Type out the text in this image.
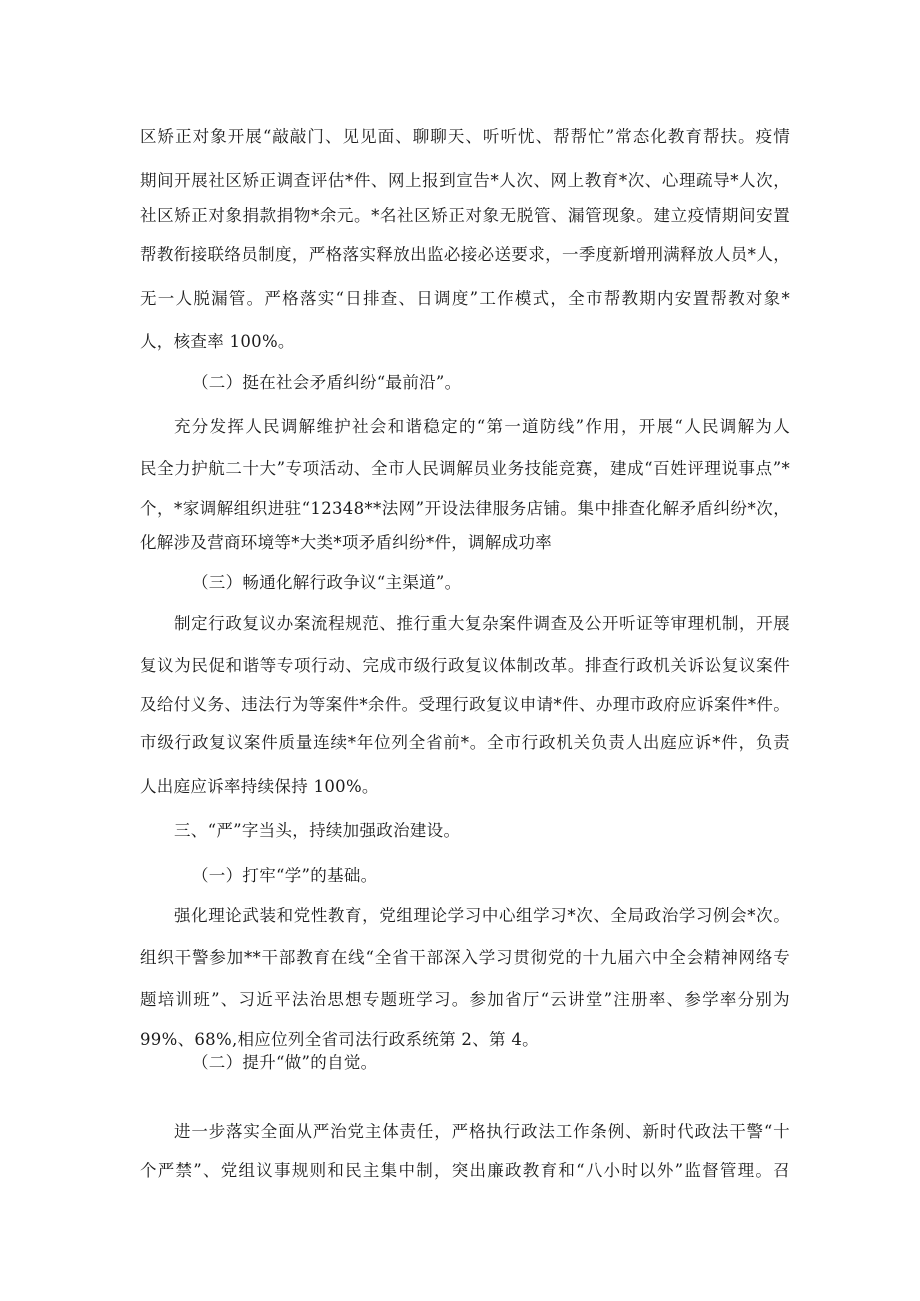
区矫正对象开展“敲敲门、见见面、聊聊天、听听忧、帮帮忙”常态化教育帮扶。疫情
期间开展社区矫正调查评估*件、网上报到宣告*人次、网上教育*次、心理疏导*人次，
社区矫正对象捐款捐物*余元。*名社区矫正对象无脱管、漏管现象。建立疫情期间安置
帮教衔接联络员制度，严格落实释放出监必接必送要求，一季度新增刑满释放人员*人，
无一人脱漏管。严格落实“日排查、日调度”工作模式，全市帮教期内安置帮教对象*
人，核查率 100%。
（二）挺在社会矛盾纠纷“最前沿”。
充分发挥人民调解维护社会和谐稳定的“第一道防线”作用，开展“人民调解为人
民全力护航二十大”专项活动、全市人民调解员业务技能竞赛，建成“百姓评理说事点”*
个，*家调解组织进驻“12348**法网”开设法律服务店铺。集中排查化解矛盾纠纷*次，
化解涉及营商环境等*大类*项矛盾纠纷*件，调解成功率
（三）畅通化解行政争议“主渠道”。
制定行政复议办案流程规范、推行重大复杂案件调查及公开听证等审理机制，开展
复议为民促和谐等专项行动、完成市级行政复议体制改革。排查行政机关诉讼复议案件
及给付义务、违法行为等案件*余件。受理行政复议申请*件、办理市政府应诉案件*件。
市级行政复议案件质量连续*年位列全省前*。全市行政机关负责人出庭应诉*件，负责
人出庭应诉率持续保持 100%。
三、“严”字当头，持续加强政治建设。
（一）打牢“学”的基础。
强化理论武装和党性教育，党组理论学习中心组学习*次、全局政治学习例会*次。
组织干警参加**干部教育在线“全省干部深入学习贯彻党的十九届六中全会精神网络专
题培训班”、习近平法治思想专题班学习。参加省厅“云讲堂”注册率、参学率分别为
99%、68%,相应位列全省司法行政系统第 2、第 4。
（二）提升“做”的自觉。
进一步落实全面从严治党主体责任，严格执行政法工作条例、新时代政法干警“十
个严禁”、党组议事规则和民主集中制，突出廉政教育和“八小时以外”监督管理。召
